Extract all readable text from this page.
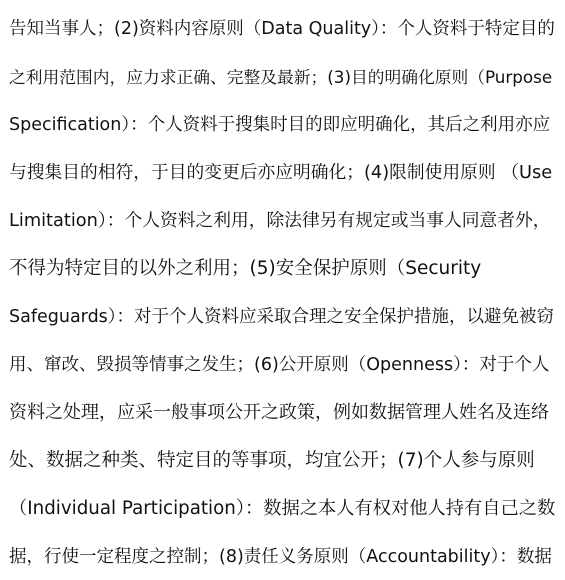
告知当事人；(2)资料内容原则（Data Quality）：个人资料于特定目的
之利用范围内，应力求正确、完整及最新；(3)目的明确化原则（Purpose
Specification）：个人资料于搜集时目的即应明确化，其后之利用亦应
与搜集目的相符，于目的变更后亦应明确化；(4)限制使用原则 （Use
Limitation）：个人资料之利用，除法律另有规定或当事人同意者外，
不得为特定目的以外之利用；(5)安全保护原则（Security
Safeguards）：对于个人资料应采取合理之安全保护措施，以避免被窃
用、窜改、毁损等情事之发生；(6)公开原则（Openness）：对于个人
资料之处理，应采一般事项公开之政策，例如数据管理人姓名及连络
处、数据之种类、特定目的等事项，均宜公开；(7)个人参与原则
（Individual Participation）：数据之本人有权对他人持有自己之数
据，行使一定程度之控制；(8)责任义务原则（Accountability）：数据
